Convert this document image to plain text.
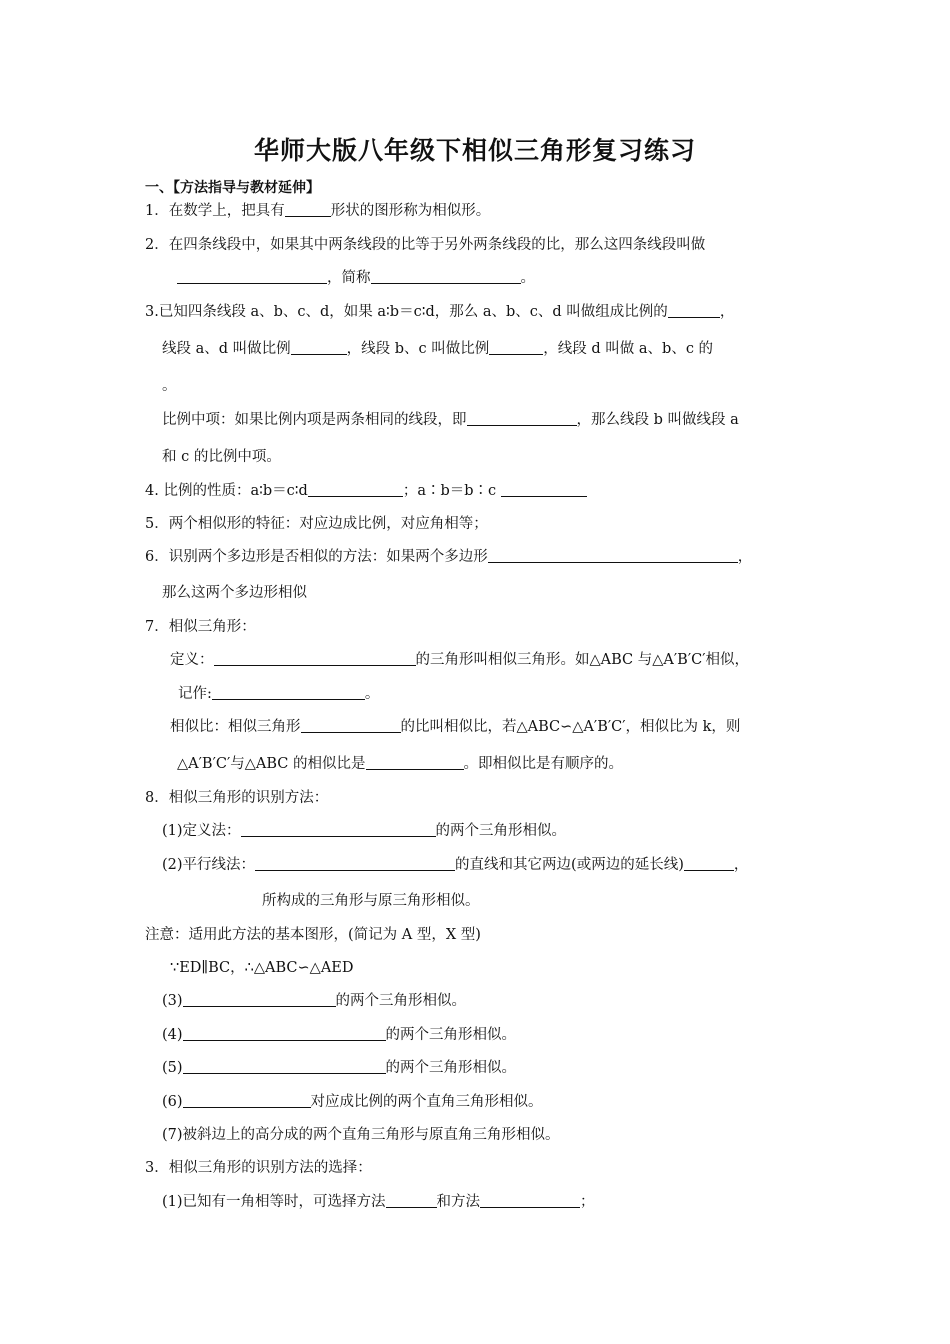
华师大版八年级下相似三角形复习练习
一、【方法指导与教材延伸】
1．在数学上，把具有	形状的图形称为相似形。
2．在四条线段中，如果其中两条线段的比等于另外两条线段的比，那么这四条线段叫做
，简称	。
3.已知四条线段 a、b、c、d，如果 a∶b＝c∶d，那么 a、b、c、d 叫做组成比例的	，
线段 a、d 叫做比例	，线段 b、c 叫做比例	，线段 d 叫做 a、b、c 的
。
比例中项：如果比例内项是两条相同的线段，即	，那么线段 b 叫做线段 a
和 c 的比例中项。
4. 比例的性质：a∶b＝c∶d	；a∶b＝b∶c
5．两个相似形的特征：对应边成比例，对应角相等；
6．识别两个多边形是否相似的方法：如果两个多边形	，
那么这两个多边形相似
7．相似三角形：
定义：	的三角形叫相似三角形。如△ABC 与△A′B′C′相似，
记作:	。
相似比：相似三角形	的比叫相似比，若△ABC∽△A′B′C′，相似比为 k，则
△A′B′C′与△ABC 的相似比是	。即相似比是有顺序的。
8．相似三角形的识别方法：
(1)定义法：	的两个三角形相似。
(2)平行线法：	的直线和其它两边(或两边的延长线)	，
所构成的三角形与原三角形相似。
注意：适用此方法的基本图形，(简记为 A 型，X 型)
∵ED∥BC，∴△ABC∽△AED
(3)	的两个三角形相似。
(4)	的两个三角形相似。
(5)	的两个三角形相似。
(6)	对应成比例的两个直角三角形相似。
(7)被斜边上的高分成的两个直角三角形与原直角三角形相似。
3．相似三角形的识别方法的选择：
(1)已知有一角相等时，可选择方法	和方法	；
